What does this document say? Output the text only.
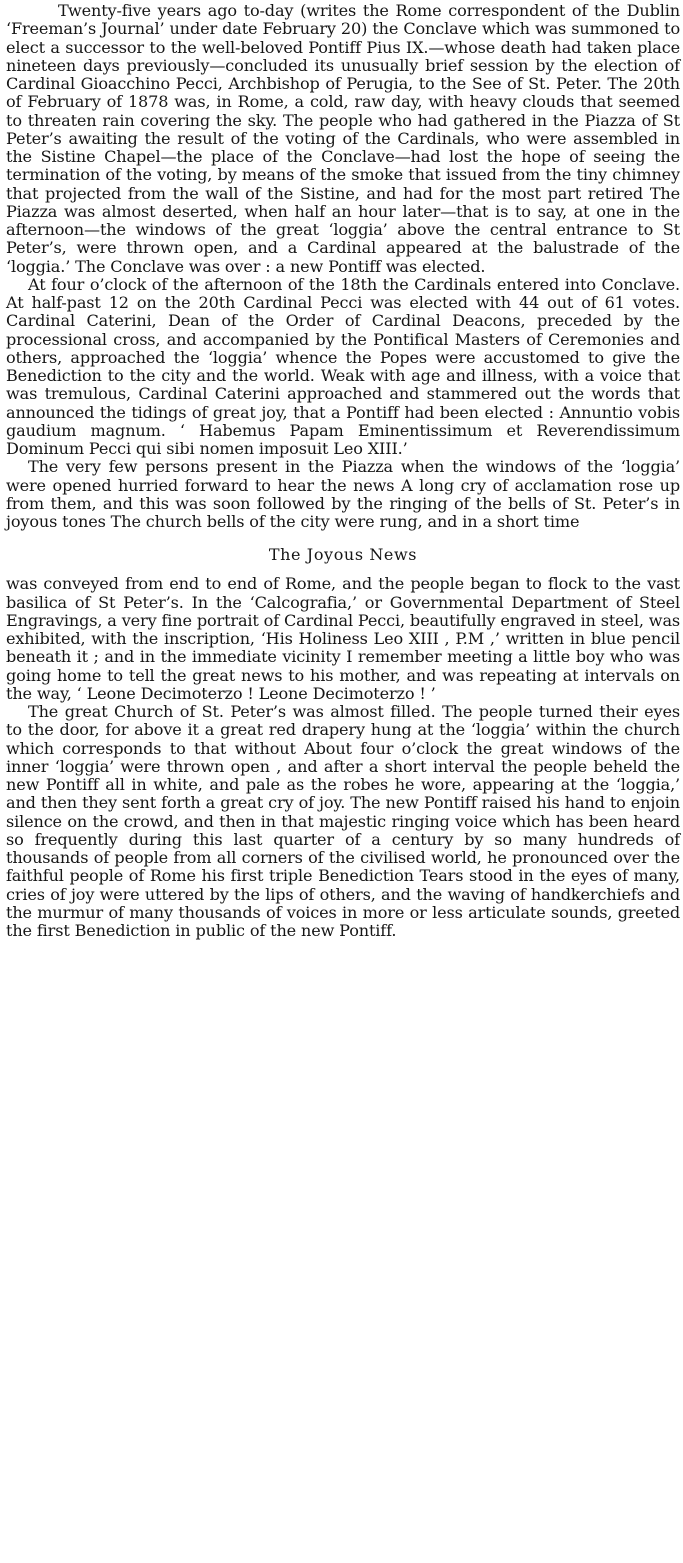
Twenty-five years ago to-day (writes the Rome correspondent of the Dublin ‘Freeman’s Journal’ under date February 20) the Conclave which was summoned to elect a successor to the well-beloved Pontiff Pius IX.—whose death had taken place nineteen days previously—concluded its unusually brief session by the election of Cardinal Gioacchino Pecci, Archbishop of Perugia, to the See of St. Peter. The 20th of February of 1878 was, in Rome, a cold, raw day, with heavy clouds that seemed to threaten rain covering the sky. The people who had gathered in the Piazza of St Peter’s awaiting the result of the voting of the Cardinals, who were assembled in the Sistine Chapel—the place of the Conclave—had lost the hope of seeing the termination of the voting, by means of the smoke that issued from the tiny chimney that projected from the wall of the Sistine, and had for the most part retired The Piazza was almost deserted, when half an hour later—that is to say, at one in the afternoon—the windows of the great ‘loggia’ above the central entrance to St Peter’s, were thrown open, and a Cardinal appeared at the balustrade of the ‘loggia.’ The Conclave was over : a new Pontiff was elected.

At four o’clock of the afternoon of the 18th the Cardinals entered into Conclave. At half-past 12 on the 20th Cardinal Pecci was elected with 44 out of 61 votes. Cardinal Caterini, Dean of the Order of Cardinal Deacons, preceded by the processional cross, and accompanied by the Pontifical Masters of Ceremonies and others, approached the ‘loggia’ whence the Popes were accustomed to give the Benediction to the city and the world. Weak with age and illness, with a voice that was tremulous, Cardinal Caterini approached and stammered out the words that announced the tidings of great joy, that a Pontiff had been elected : Annuntio vobis gaudium magnum. ‘ Habemus Papam Eminentissimum et Reverendissimum Dominum Pecci qui sibi nomen imposuit Leo XIII.’

The very few persons present in the Piazza when the windows of the ‘loggia’ were opened hurried forward to hear the news A long cry of acclamation rose up from them, and this was soon followed by the ringing of the bells of St. Peter’s in joyous tones The church bells of the city were rung, and in a short time

The Joyous News

was conveyed from end to end of Rome, and the people began to flock to the vast basilica of St Peter’s. In the ‘Calcografia,’ or Governmental Department of Steel Engravings, a very fine portrait of Cardinal Pecci, beautifully engraved in steel, was exhibited, with the inscription, ‘His Holiness Leo XIII , P.M ,’ written in blue pencil beneath it ; and in the immediate vicinity I remember meeting a little boy who was going home to tell the great news to his mother, and was repeating at intervals on the way, ‘ Leone Decimoterzo ! Leone Decimoterzo ! ’

The great Church of St. Peter’s was almost filled. The people turned their eyes to the door, for above it a great red drapery hung at the ‘loggia’ within the church which corresponds to that without About four o’clock the great windows of the inner ‘loggia’ were thrown open , and after a short interval the people beheld the new Pontiff all in white, and pale as the robes he wore, appearing at the ‘loggia,’ and then they sent forth a great cry of joy. The new Pontiff raised his hand to enjoin silence on the crowd, and then in that majestic ringing voice which has been heard so frequently during this last quarter of a century by so many hundreds of thousands of people from all corners of the civilised world, he pronounced over the faithful people of Rome his first triple Benediction Tears stood in the eyes of many, cries of joy were uttered by the lips of others, and the waving of handkerchiefs and the murmur of many thousands of voices in more or less articulate sounds, greeted the first Benediction in public of the new Pontiff.
